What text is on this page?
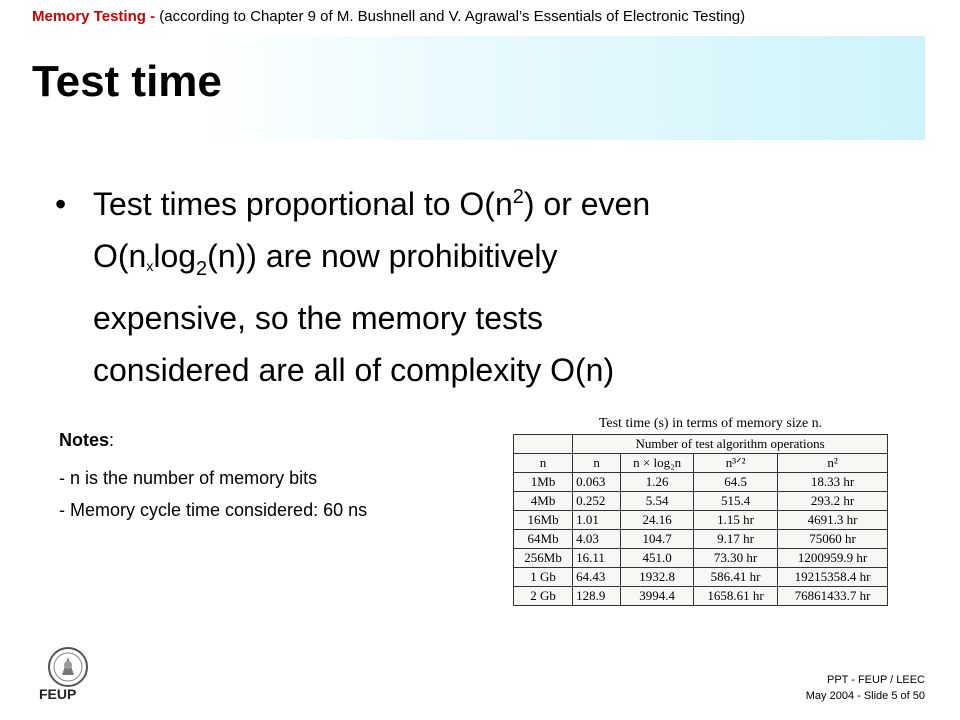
Memory Testing - (according to Chapter 9 of M. Bushnell and V. Agrawal’s Essentials of Electronic Testing)
Test time
• Test times proportional to $O(n^2)$ or even
O(nxlog$_2$(n)) are now prohibitively
expensive, so the memory tests
considered are all of complexity O(n)
Notes:
- n is the number of memory bits
- Memory cycle time considered: 60 ns
Test time (s) in terms of memory size n.
	Number of test algorithm operations			
n	n	n × log₂n	n³ᐟ²	n²
1Mb	0.063	1.26	64.5	18.33 hr
4Mb	0.252	5.54	515.4	293.2 hr
16Mb	1.01	24.16	1.15 hr	4691.3 hr
64Mb	4.03	104.7	9.17 hr	75060 hr
256Mb	16.11	451.0	73.30 hr	1200959.9 hr
1 Gb	64.43	1932.8	586.41 hr	19215358.4 hr
2 Gb	128.9	3994.4	1658.61 hr	76861433.7 hr
FEUP
PPT - FEUP / LEEC
May 2004 - Slide 5 of 50
